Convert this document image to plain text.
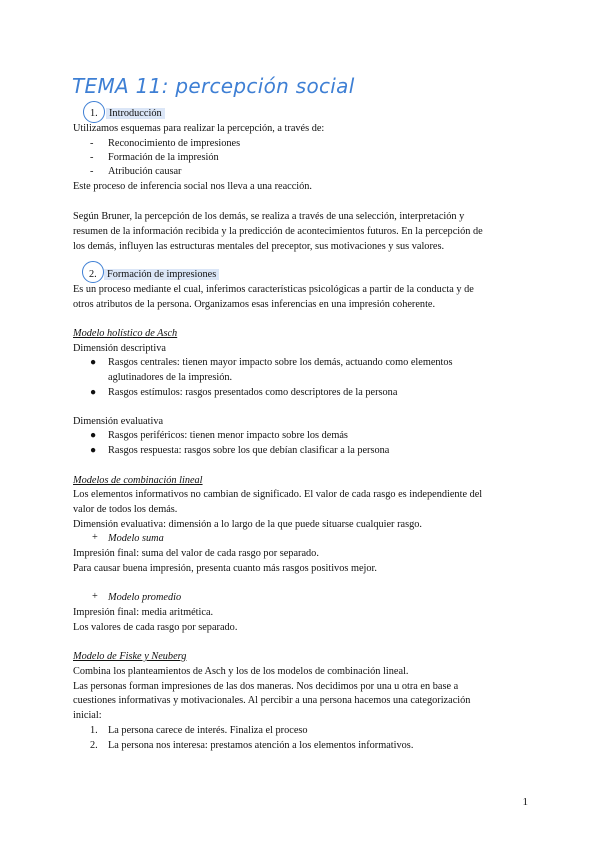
TEMA 11: percepción social
1. Introducción
Utilizamos esquemas para realizar la percepción, a través de:
- Reconocimiento de impresiones
- Formación de la impresión
- Atribución causar
Este proceso de inferencia social nos lleva a una reacción.
Según Bruner, la percepción de los demás, se realiza a través de una selección, interpretación y
resumen de la información recibida y la predicción de acontecimientos futuros. En la percepción de
los demás, influyen las estructuras mentales del preceptor, sus motivaciones y sus valores.
2. Formación de impresiones
Es un proceso mediante el cual, inferimos características psicológicas a partir de la conducta y de
otros atributos de la persona. Organizamos esas inferencias en una impresión coherente.
Modelo holístico de Asch
Dimensión descriptiva
● Rasgos centrales: tienen mayor impacto sobre los demás, actuando como elementos
aglutinadores de la impresión.
● Rasgos estímulos: rasgos presentados como descriptores de la persona
Dimensión evaluativa
● Rasgos periféricos: tienen menor impacto sobre los demás
● Rasgos respuesta: rasgos sobre los que debían clasificar a la persona
Modelos de combinación lineal
Los elementos informativos no cambian de significado. El valor de cada rasgo es independiente del
valor de todos los demás.
Dimensión evaluativa: dimensión a lo largo de la que puede situarse cualquier rasgo.
+ Modelo suma
Impresión final: suma del valor de cada rasgo por separado.
Para causar buena impresión, presenta cuanto más rasgos positivos mejor.
+ Modelo promedio
Impresión final: media aritmética.
Los valores de cada rasgo por separado.
Modelo de Fiske y Neuberg
Combina los planteamientos de Asch y los de los modelos de combinación lineal.
Las personas forman impresiones de las dos maneras. Nos decidimos por una u otra en base a
cuestiones informativas y motivacionales. Al percibir a una persona hacemos una categorización
inicial:
1. La persona carece de interés. Finaliza el proceso
2. La persona nos interesa: prestamos atención a los elementos informativos.
1
